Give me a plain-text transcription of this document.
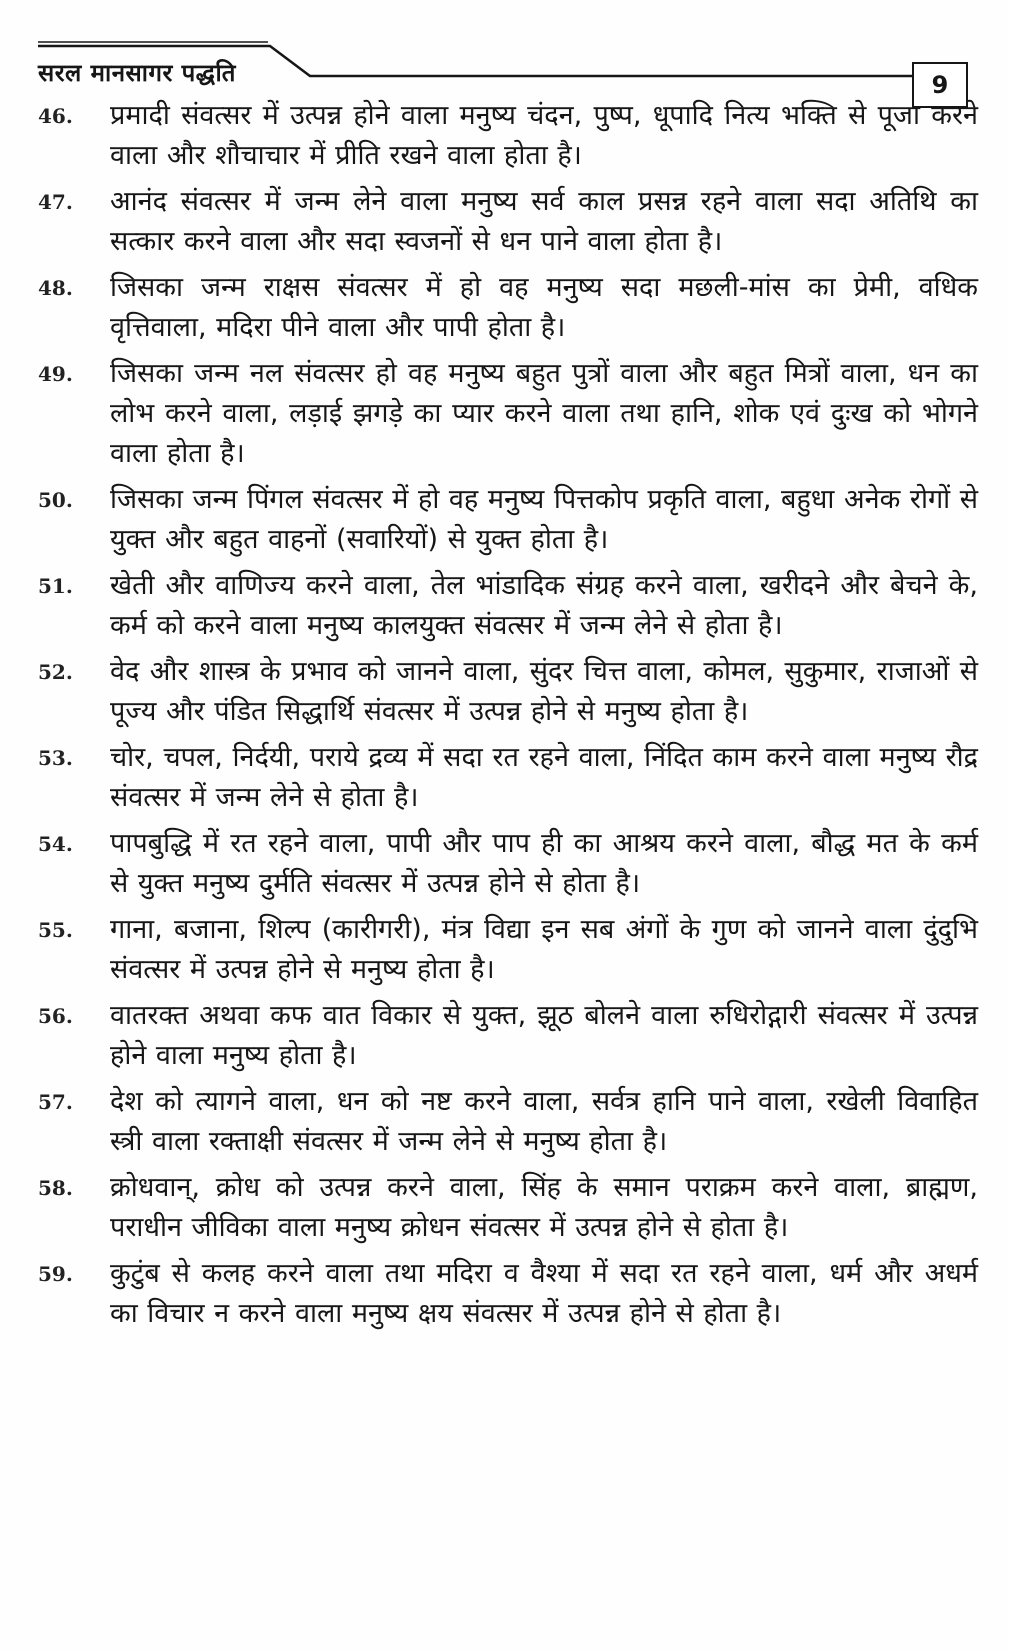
सरल मानसागर पद्धति	9
46.	प्रमादी संवत्सर में उत्पन्न होने वाला मनुष्य चंदन, पुष्प, धूपादि नित्य भक्ति से पूजा करने वाला और शौचाचार में प्रीति रखने वाला होता है।
47.	आनंद संवत्सर में जन्म लेने वाला मनुष्य सर्व काल प्रसन्न रहने वाला सदा अतिथि का सत्कार करने वाला और सदा स्वजनों से धन पाने वाला होता है।
48.	जिसका जन्म राक्षस संवत्सर में हो वह मनुष्य सदा मछली-मांस का प्रेमी, वधिक वृत्तिवाला, मदिरा पीने वाला और पापी होता है।
49.	जिसका जन्म नल संवत्सर हो वह मनुष्य बहुत पुत्रों वाला और बहुत मित्रों वाला, धन का लोभ करने वाला, लड़ाई झगड़े का प्यार करने वाला तथा हानि, शोक एवं दुःख को भोगने वाला होता है।
50.	जिसका जन्म पिंगल संवत्सर में हो वह मनुष्य पित्तकोप प्रकृति वाला, बहुधा अनेक रोगों से युक्त और बहुत वाहनों (सवारियों) से युक्त होता है।
51.	खेती और वाणिज्य करने वाला, तेल भांडादिक संग्रह करने वाला, खरीदने और बेचने के, कर्म को करने वाला मनुष्य कालयुक्त संवत्सर में जन्म लेने से होता है।
52.	वेद और शास्त्र के प्रभाव को जानने वाला, सुंदर चित्त वाला, कोमल, सुकुमार, राजाओं से पूज्य और पंडित सिद्धार्थि संवत्सर में उत्पन्न होने से मनुष्य होता है।
53.	चोर, चपल, निर्दयी, पराये द्रव्य में सदा रत रहने वाला, निंदित काम करने वाला मनुष्य रौद्र संवत्सर में जन्म लेने से होता है।
54.	पापबुद्धि में रत रहने वाला, पापी और पाप ही का आश्रय करने वाला, बौद्ध मत के कर्म से युक्त मनुष्य दुर्मति संवत्सर में उत्पन्न होने से होता है।
55.	गाना, बजाना, शिल्प (कारीगरी), मंत्र विद्या इन सब अंगों के गुण को जानने वाला दुंदुभि संवत्सर में उत्पन्न होने से मनुष्य होता है।
56.	वातरक्त अथवा कफ वात विकार से युक्त, झूठ बोलने वाला रुधिरोद्गारी संवत्सर में उत्पन्न होने वाला मनुष्य होता है।
57.	देश को त्यागने वाला, धन को नष्ट करने वाला, सर्वत्र हानि पाने वाला, रखेली विवाहित स्त्री वाला रक्ताक्षी संवत्सर में जन्म लेने से मनुष्य होता है।
58.	क्रोधवान्, क्रोध को उत्पन्न करने वाला, सिंह के समान पराक्रम करने वाला, ब्राह्मण, पराधीन जीविका वाला मनुष्य क्रोधन संवत्सर में उत्पन्न होने से होता है।
59.	कुटुंब से कलह करने वाला तथा मदिरा व वैश्या में सदा रत रहने वाला, धर्म और अधर्म का विचार न करने वाला मनुष्य क्षय संवत्सर में उत्पन्न होने से होता है।
